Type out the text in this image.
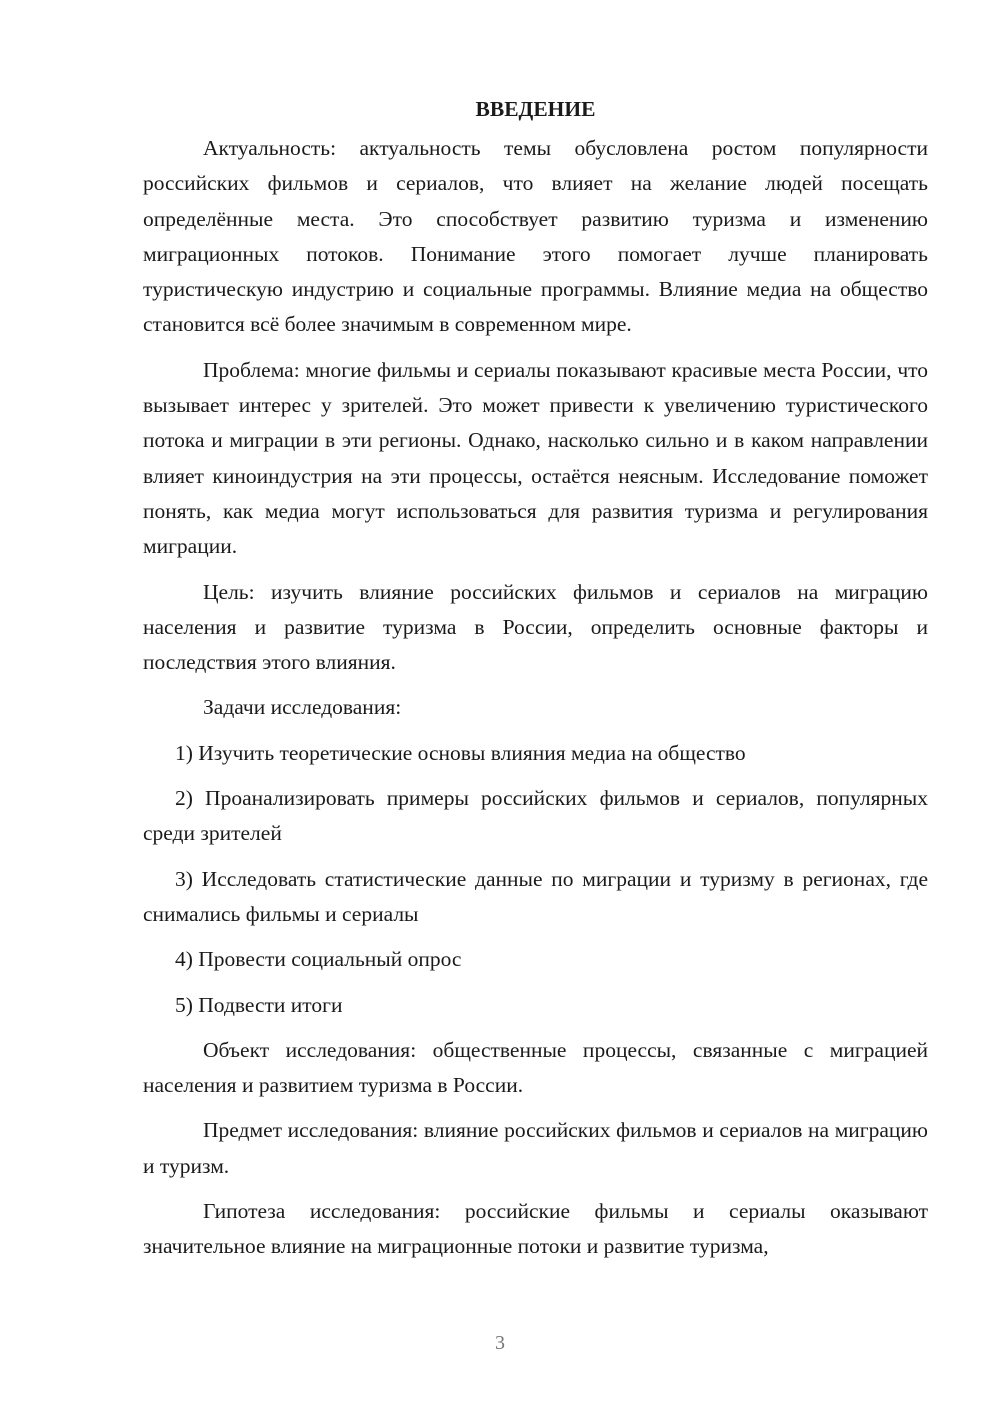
ВВЕДЕНИЕ

Актуальность: актуальность темы обусловлена ростом популярности российских фильмов и сериалов, что влияет на желание людей посещать определённые места. Это способствует развитию туризма и изменению миграционных потоков. Понимание этого помогает лучше планировать туристическую индустрию и социальные программы. Влияние медиа на общество становится всё более значимым в современном мире.

Проблема: многие фильмы и сериалы показывают красивые места России, что вызывает интерес у зрителей. Это может привести к увеличению туристического потока и миграции в эти регионы. Однако, насколько сильно и в каком направлении влияет киноиндустрия на эти процессы, остаётся неясным. Исследование поможет понять, как медиа могут использоваться для развития туризма и регулирования миграции.

Цель: изучить влияние российских фильмов и сериалов на миграцию населения и развитие туризма в России, определить основные факторы и последствия этого влияния.

Задачи исследования:

1) Изучить теоретические основы влияния медиа на общество

2) Проанализировать примеры российских фильмов и сериалов, популярных среди зрителей

3) Исследовать статистические данные по миграции и туризму в регионах, где снимались фильмы и сериалы

4) Провести социальный опрос

5) Подвести итоги

Объект исследования: общественные процессы, связанные с миграцией населения и развитием туризма в России.

Предмет исследования: влияние российских фильмов и сериалов на миграцию и туризм.

Гипотеза исследования: российские фильмы и сериалы оказывают значительное влияние на миграционные потоки и развитие туризма,

3
